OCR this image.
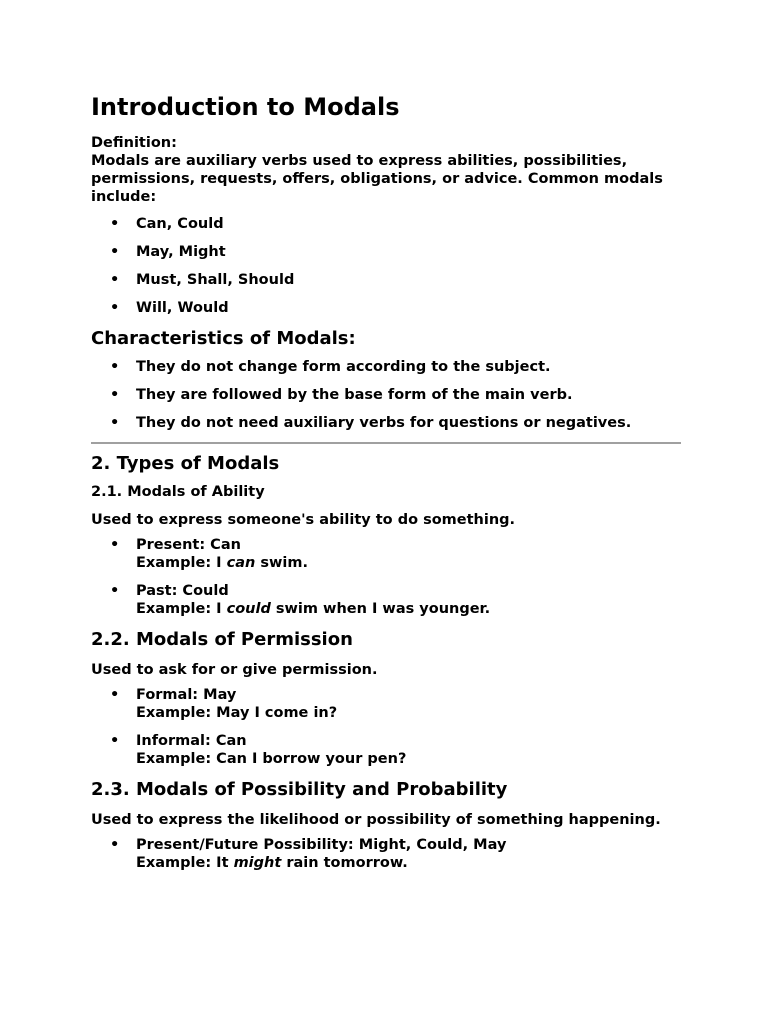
Introduction to Modals
Definition:
Modals are auxiliary verbs used to express abilities, possibilities, permissions, requests, offers, obligations, or advice. Common modals include:
• Can, Could
• May, Might
• Must, Shall, Should
• Will, Would
Characteristics of Modals:
• They do not change form according to the subject.
• They are followed by the base form of the main verb.
• They do not need auxiliary verbs for questions or negatives.
2. Types of Modals
2.1. Modals of Ability
Used to express someone's ability to do something.
• Present: Can
Example: I can swim.
• Past: Could
Example: I could swim when I was younger.
2.2. Modals of Permission
Used to ask for or give permission.
• Formal: May
Example: May I come in?
• Informal: Can
Example: Can I borrow your pen?
2.3. Modals of Possibility and Probability
Used to express the likelihood or possibility of something happening.
• Present/Future Possibility: Might, Could, May
Example: It might rain tomorrow.
